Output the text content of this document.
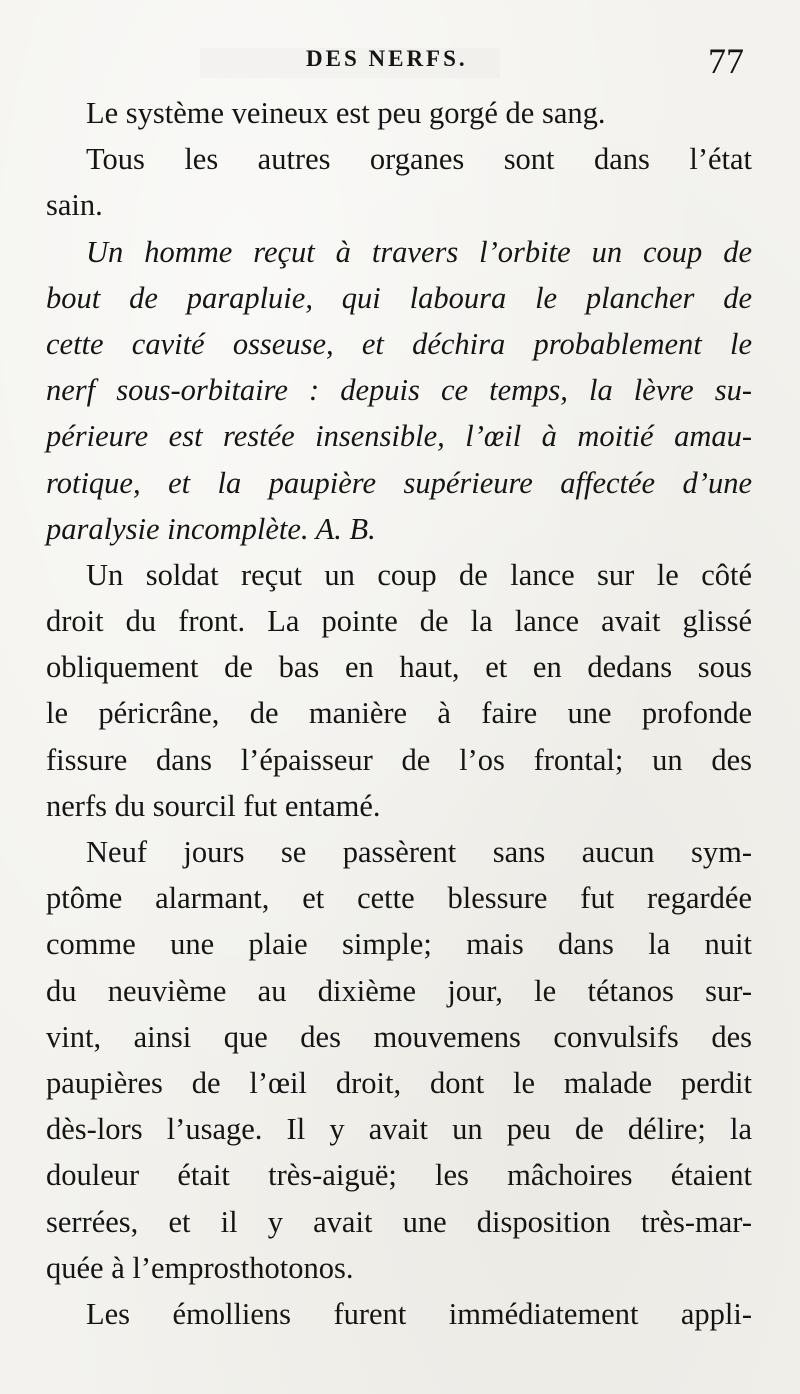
DES NERFS.	77
Le système veineux est peu gorgé de sang.
Tous les autres organes sont dans l’état
sain.
Un homme reçut à travers l’orbite un coup de
bout de parapluie, qui laboura le plancher de
cette cavité osseuse, et déchira probablement le
nerf sous-orbitaire : depuis ce temps, la lèvre su-
périeure est restée insensible, l’œil à moitié amau-
rotique, et la paupière supérieure affectée d’une
paralysie incomplète. A. B.
Un soldat reçut un coup de lance sur le côté
droit du front. La pointe de la lance avait glissé
obliquement de bas en haut, et en dedans sous
le péricrâne, de manière à faire une profonde
fissure dans l’épaisseur de l’os frontal; un des
nerfs du sourcil fut entamé.
Neuf jours se passèrent sans aucun sym-
ptôme alarmant, et cette blessure fut regardée
comme une plaie simple; mais dans la nuit
du neuvième au dixième jour, le tétanos sur-
vint, ainsi que des mouvemens convulsifs des
paupières de l’œil droit, dont le malade perdit
dès-lors l’usage. Il y avait un peu de délire; la
douleur était très-aiguë; les mâchoires étaient
serrées, et il y avait une disposition très-mar-
quée à l’emprosthotonos.
Les émolliens furent immédiatement appli-
